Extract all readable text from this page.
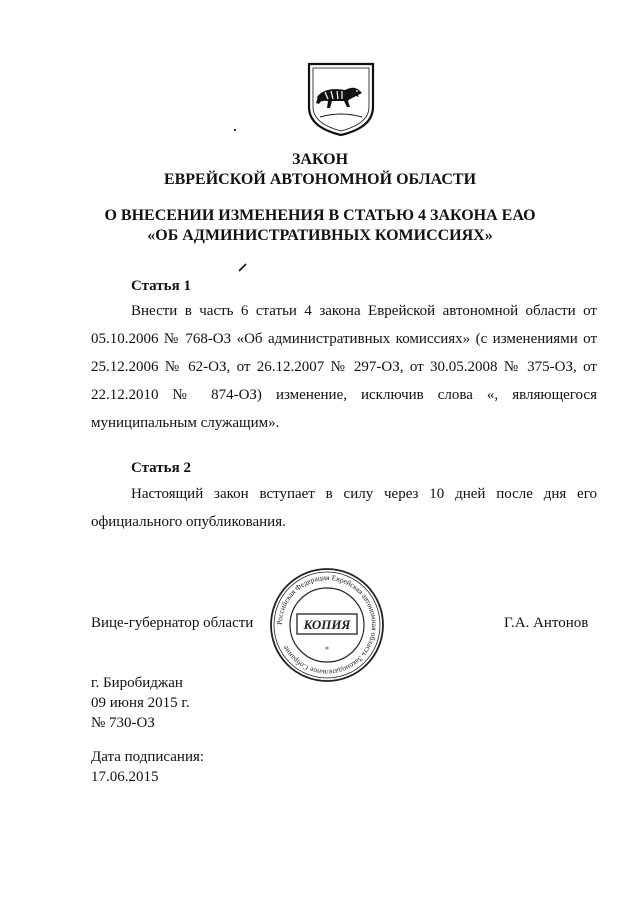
ЗАКОН
ЕВРЕЙСКОЙ АВТОНОМНОЙ ОБЛАСТИ
О ВНЕСЕНИИ ИЗМЕНЕНИЯ В СТАТЬЮ 4 ЗАКОНА ЕАО
«ОБ АДМИНИСТРАТИВНЫХ КОМИССИЯХ»
Статья 1
Внести в часть 6 статьи 4 закона Еврейской автономной области от 05.10.2006 № 768-ОЗ «Об административных комиссиях» (с изменениями от 25.12.2006 № 62-ОЗ, от 26.12.2007 № 297-ОЗ, от 30.05.2008 № 375-ОЗ, от 22.12.2010 № 874-ОЗ) изменение, исключив слова «, являющегося муниципальным служащим».
Статья 2
Настоящий закон вступает в силу через 10 дней после дня его официального опубликования.
Вице-губернатор области	Г.А. Антонов
Российская Федерация Еврейская автономная область Законодательное Собрание
КОПИЯ
*
г. Биробиджан
09 июня 2015 г.
№ 730-ОЗ
Дата подписания:
17.06.2015
